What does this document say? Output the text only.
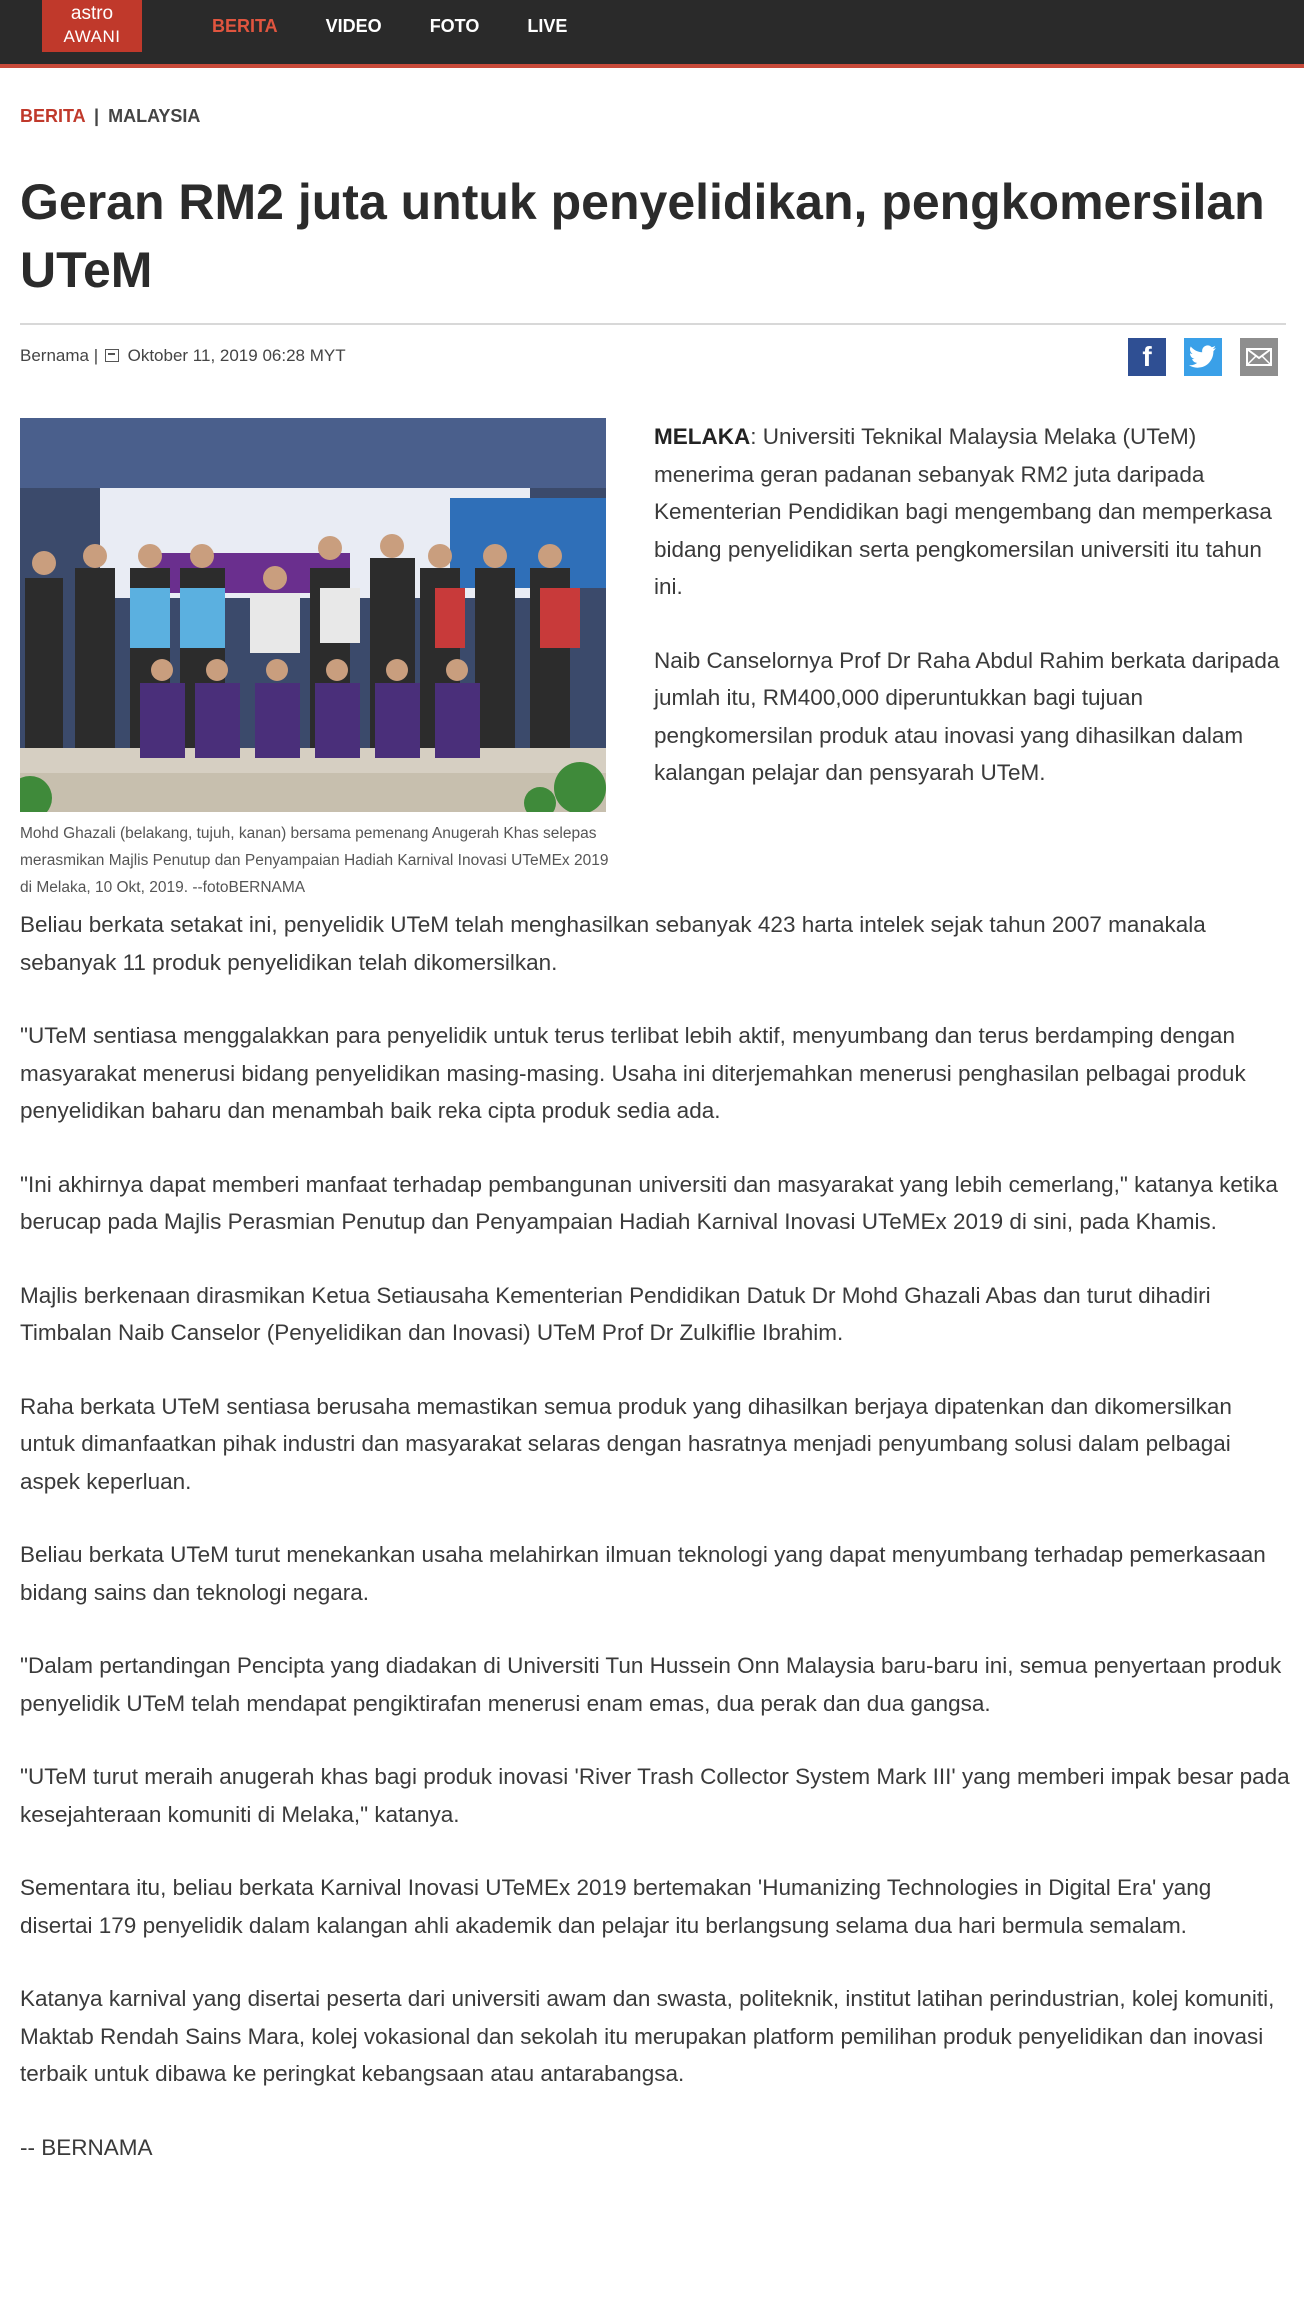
astro
AWANI
BERITA	VIDEO	FOTO	LIVE
BERITA | MALAYSIA
Geran RM2 juta untuk penyelidikan, pengkomersilan UTeM
Bernama | Oktober 11, 2019 06:28 MYT	f

Mohd Ghazali (belakang, tujuh, kanan) bersama pemenang Anugerah Khas selepas merasmikan Majlis Penutup dan Penyampaian Hadiah Karnival Inovasi UTeMEx 2019 di Melaka, 10 Okt, 2019. --fotoBERNAMA

MELAKA: Universiti Teknikal Malaysia Melaka (UTeM) menerima geran padanan sebanyak RM2 juta daripada Kementerian Pendidikan bagi mengembang dan memperkasa bidang penyelidikan serta pengkomersilan universiti itu tahun ini.

Naib Canselornya Prof Dr Raha Abdul Rahim berkata daripada jumlah itu, RM400,000 diperuntukkan bagi tujuan pengkomersilan produk atau inovasi yang dihasilkan dalam kalangan pelajar dan pensyarah UTeM.

Beliau berkata setakat ini, penyelidik UTeM telah menghasilkan sebanyak 423 harta intelek sejak tahun 2007 manakala sebanyak 11 produk penyelidikan telah dikomersilkan.

"UTeM sentiasa menggalakkan para penyelidik untuk terus terlibat lebih aktif, menyumbang dan terus berdamping dengan masyarakat menerusi bidang penyelidikan masing-masing. Usaha ini diterjemahkan menerusi penghasilan pelbagai produk penyelidikan baharu dan menambah baik reka cipta produk sedia ada.

"Ini akhirnya dapat memberi manfaat terhadap pembangunan universiti dan masyarakat yang lebih cemerlang," katanya ketika berucap pada Majlis Perasmian Penutup dan Penyampaian Hadiah Karnival Inovasi UTeMEx 2019 di sini, pada Khamis.

Majlis berkenaan dirasmikan Ketua Setiausaha Kementerian Pendidikan Datuk Dr Mohd Ghazali Abas dan turut dihadiri Timbalan Naib Canselor (Penyelidikan dan Inovasi) UTeM Prof Dr Zulkiflie Ibrahim.

Raha berkata UTeM sentiasa berusaha memastikan semua produk yang dihasilkan berjaya dipatenkan dan dikomersilkan untuk dimanfaatkan pihak industri dan masyarakat selaras dengan hasratnya menjadi penyumbang solusi dalam pelbagai aspek keperluan.

Beliau berkata UTeM turut menekankan usaha melahirkan ilmuan teknologi yang dapat menyumbang terhadap pemerkasaan bidang sains dan teknologi negara.

"Dalam pertandingan Pencipta yang diadakan di Universiti Tun Hussein Onn Malaysia baru-baru ini, semua penyertaan produk penyelidik UTeM telah mendapat pengiktirafan menerusi enam emas, dua perak dan dua gangsa.

"UTeM turut meraih anugerah khas bagi produk inovasi 'River Trash Collector System Mark III' yang memberi impak besar pada kesejahteraan komuniti di Melaka," katanya.

Sementara itu, beliau berkata Karnival Inovasi UTeMEx 2019 bertemakan 'Humanizing Technologies in Digital Era' yang disertai 179 penyelidik dalam kalangan ahli akademik dan pelajar itu berlangsung selama dua hari bermula semalam.

Katanya karnival yang disertai peserta dari universiti awam dan swasta, politeknik, institut latihan perindustrian, kolej komuniti, Maktab Rendah Sains Mara, kolej vokasional dan sekolah itu merupakan platform pemilihan produk penyelidikan dan inovasi terbaik untuk dibawa ke peringkat kebangsaan atau antarabangsa.

-- BERNAMA
